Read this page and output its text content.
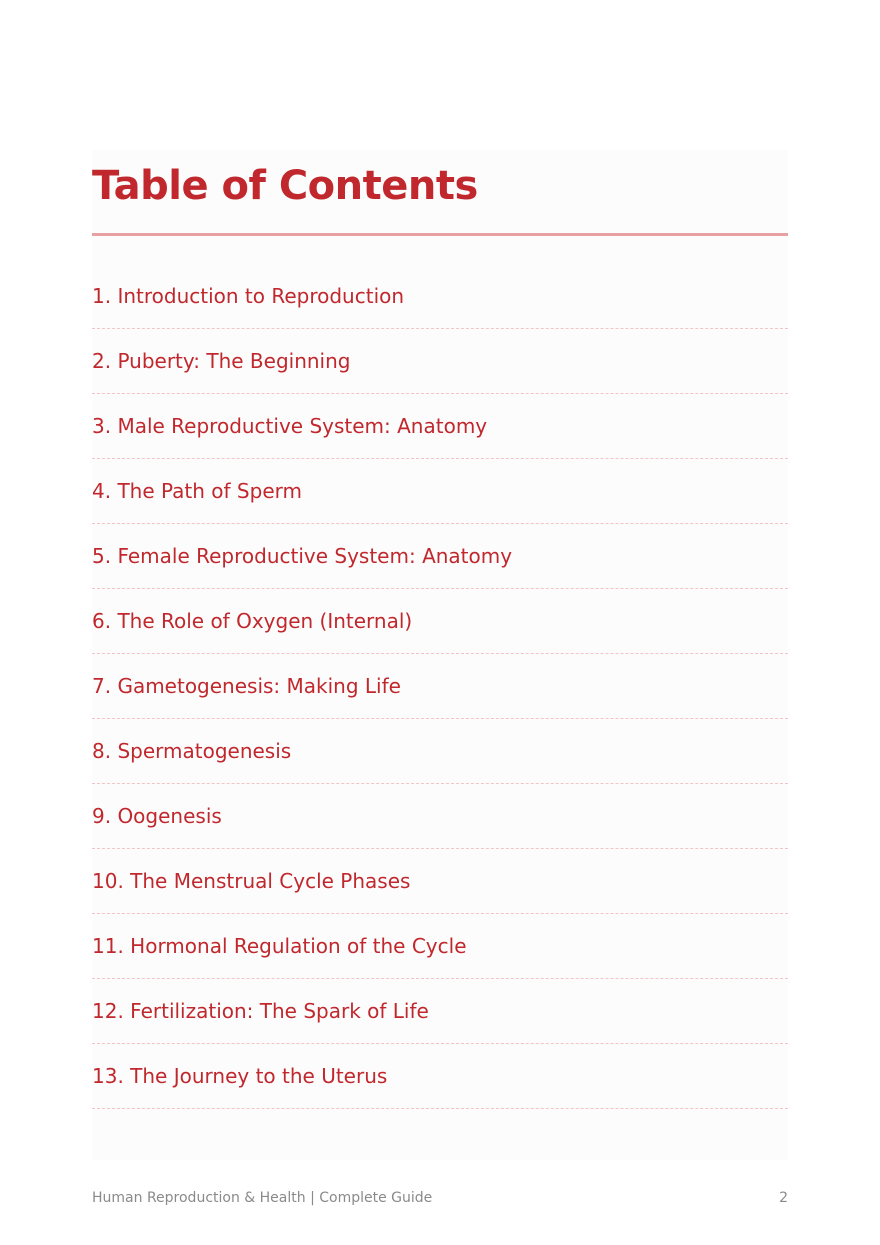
Table of Contents
1. Introduction to Reproduction
2. Puberty: The Beginning
3. Male Reproductive System: Anatomy
4. The Path of Sperm
5. Female Reproductive System: Anatomy
6. The Role of Oxygen (Internal)
7. Gametogenesis: Making Life
8. Spermatogenesis
9. Oogenesis
10. The Menstrual Cycle Phases
11. Hormonal Regulation of the Cycle
12. Fertilization: The Spark of Life
13. The Journey to the Uterus
Human Reproduction & Health | Complete Guide	2
